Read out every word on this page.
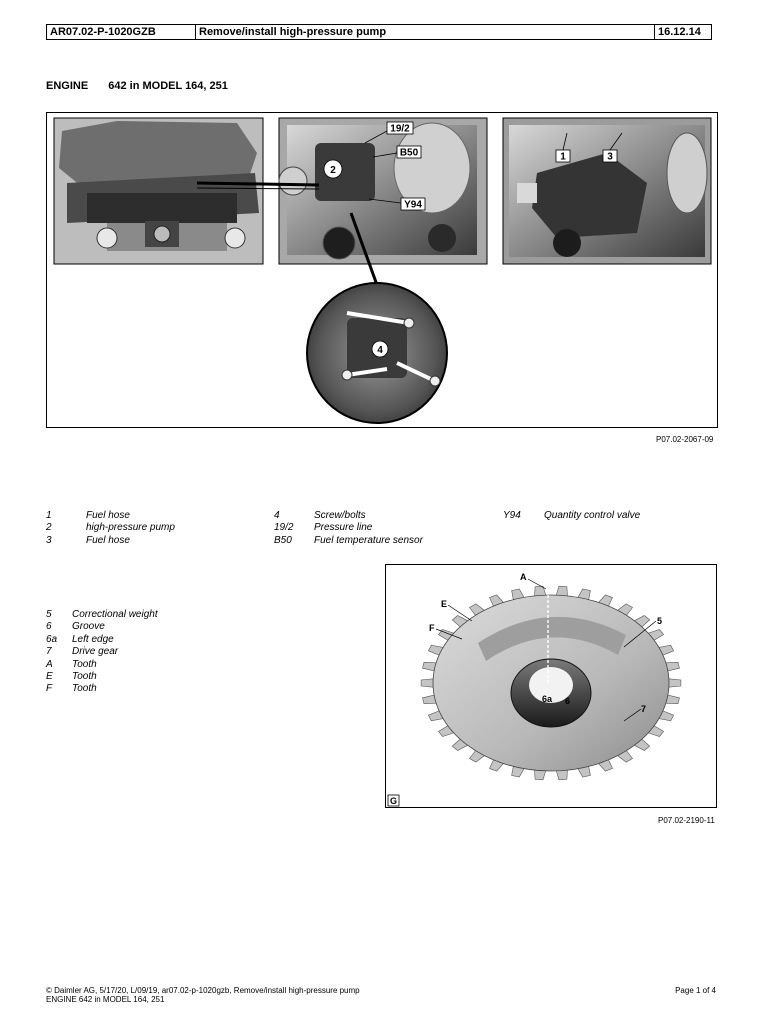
AR07.02-P-1020GZB	Remove/install high-pressure pump	16.12.14
ENGINE 642 in MODEL 164, 251
19/2
B50
2
Y94
1	3
4
P07.02-2067-09
1	Fuel hose
2	high-pressure pump
3	Fuel hose
4	Screw/bolts
19/2 Pressure line
B50 Fuel temperature sensor
Y94 Quantity control valve
5 Correctional weight
6 Groove
6a Left edge
7 Drive gear
A Tooth
E Tooth
F Tooth
A
E
F
5
6a 6
7
G
P07.02-2190-11
© Daimler AG, 5/17/20, L/09/19, ar07.02-p-1020gzb, Remove/install high-pressure pump
ENGINE 642 in MODEL 164, 251
Page 1 of 4
